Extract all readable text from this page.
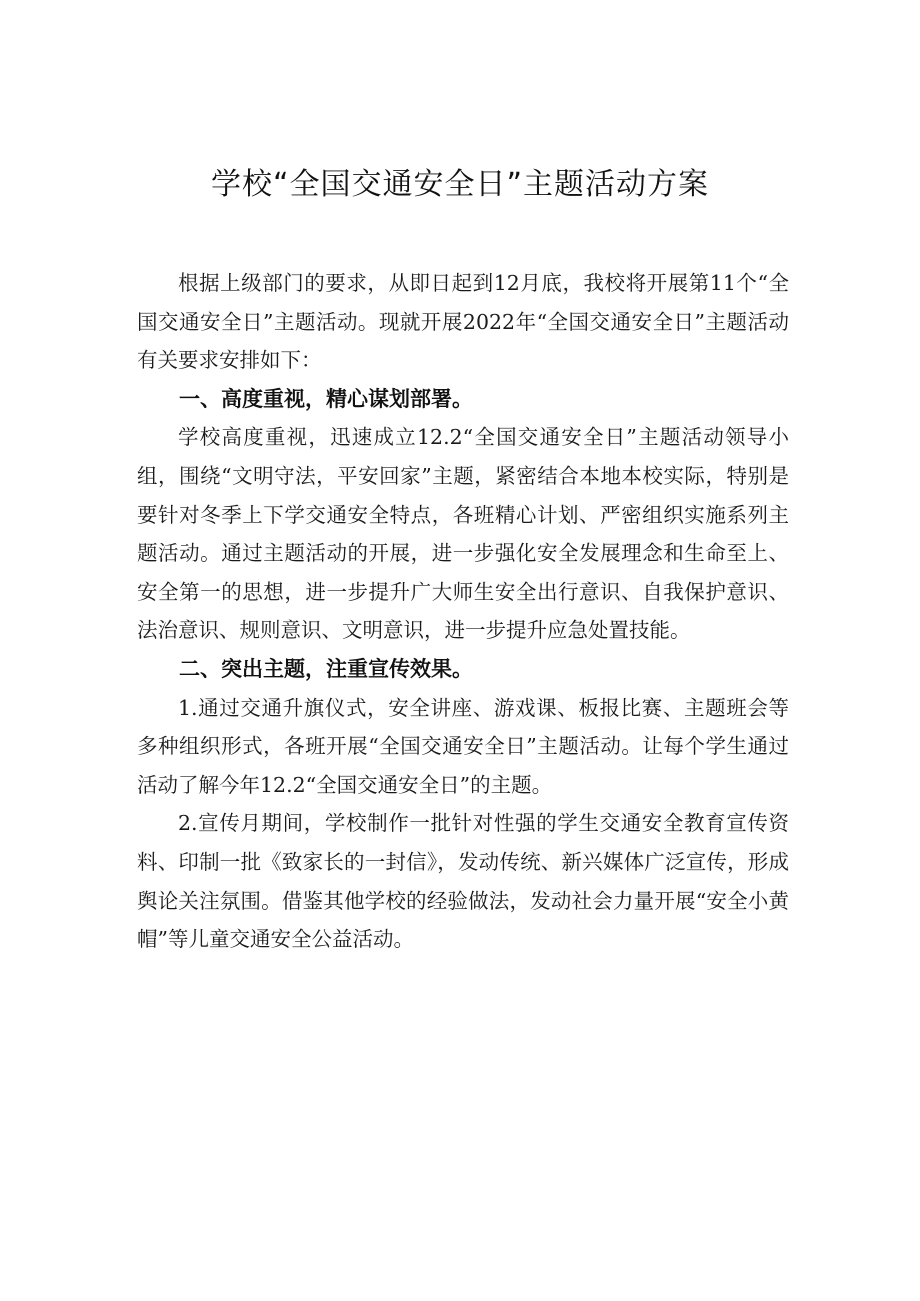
学校“全国交通安全日”主题活动方案

根据上级部门的要求，从即日起到12月底，我校将开展第11个“全国交通安全日”主题活动。现就开展2022年“全国交通安全日”主题活动有关要求安排如下：

一、高度重视，精心谋划部署。

学校高度重视，迅速成立12.2“全国交通安全日”主题活动领导小组，围绕“文明守法，平安回家”主题，紧密结合本地本校实际，特别是要针对冬季上下学交通安全特点，各班精心计划、严密组织实施系列主题活动。通过主题活动的开展，进一步强化安全发展理念和生命至上、安全第一的思想，进一步提升广大师生安全出行意识、自我保护意识、法治意识、规则意识、文明意识，进一步提升应急处置技能。

二、突出主题，注重宣传效果。

1.通过交通升旗仪式，安全讲座、游戏课、板报比赛、主题班会等多种组织形式，各班开展“全国交通安全日”主题活动。让每个学生通过活动了解今年12.2“全国交通安全日”的主题。

2.宣传月期间，学校制作一批针对性强的学生交通安全教育宣传资料、印制一批《致家长的一封信》，发动传统、新兴媒体广泛宣传，形成舆论关注氛围。借鉴其他学校的经验做法，发动社会力量开展“安全小黄帽”等儿童交通安全公益活动。
